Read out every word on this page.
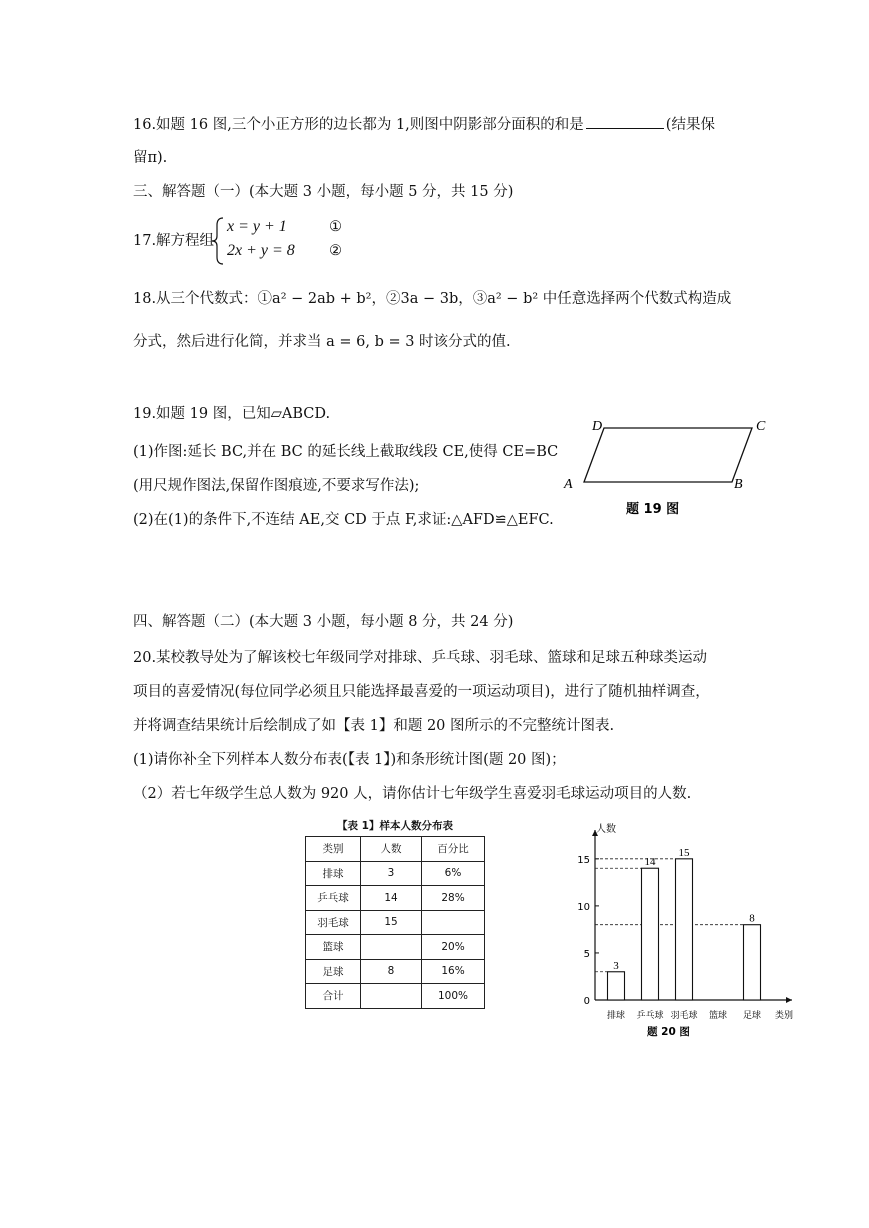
16.如题 16 图,三个小正方形的边长都为 1,则图中阴影部分面积的和是	(结果保
留π).
三、解答题（一）(本大题 3 小题，每小题 5 分，共 15 分)
17.解方程组
x = y + 1
2x + y = 8
①
②
18.从三个代数式：①a² − 2ab + b²，②3a − 3b，③a² − b² 中任意选择两个代数式构造成
分式，然后进行化简，并求当 a = 6, b = 3 时该分式的值.
19.如题 19 图，已知▱ABCD.
(1)作图:延长 BC,并在 BC 的延长线上截取线段 CE,使得 CE=BC
(用尺规作图法,保留作图痕迹,不要求写作法);
(2)在(1)的条件下,不连结 AE,交 CD 于点 F,求证:△AFD≌△EFC.
A	B
C
D
题 19 图
四、解答题（二）(本大题 3 小题，每小题 8 分，共 24 分)
20.某校教导处为了解该校七年级同学对排球、乒乓球、羽毛球、篮球和足球五种球类运动
项目的喜爱情况(每位同学必须且只能选择最喜爱的一项运动项目)，进行了随机抽样调查，
并将调查结果统计后绘制成了如【表 1】和题 20 图所示的不完整统计图表.
(1)请你补全下列样本人数分布表(【表 1】)和条形统计图(题 20 图)；
（2）若七年级学生总人数为 920 人，请你估计七年级学生喜爱羽毛球运动项目的人数.
【表 1】样本人数分布表
类别	人数	百分比
排球	3	6%
乒乓球	14	28%
羽毛球	15	
篮球		20%
足球	8	16%
合计		100%
人数
类别
题 20 图
0
5
10
15
3
排球
14
乒乓球
15
羽毛球 篮球
8
足球
